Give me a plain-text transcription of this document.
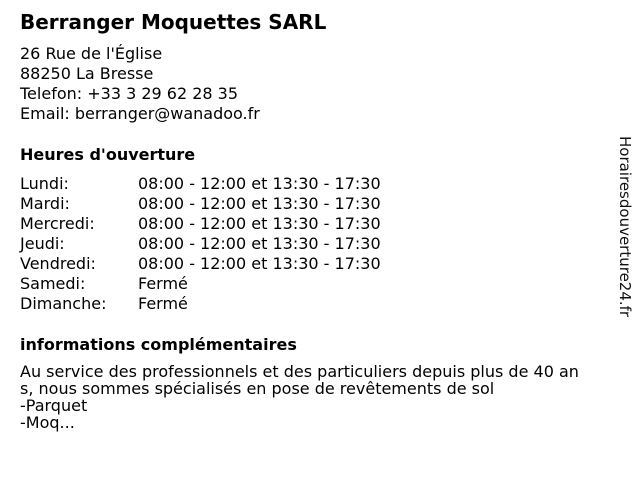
Berranger Moquettes SARL
26 Rue de l'Église
88250 La Bresse
Telefon: +33 3 29 62 28 35
Email: berranger@wanadoo.fr
Heures d'ouverture
Lundi:	08:00 - 12:00 et 13:30 - 17:30
Mardi:	08:00 - 12:00 et 13:30 - 17:30
Mercredi:	08:00 - 12:00 et 13:30 - 17:30
Jeudi:	08:00 - 12:00 et 13:30 - 17:30
Vendredi:	08:00 - 12:00 et 13:30 - 17:30
Samedi:	Fermé
Dimanche: Fermé
informations complémentaires
Au service des professionnels et des particuliers depuis plus de 40 an
s, nous sommes spécialisés en pose de revêtements de sol
-Parquet
-Moq...
Horairesdouverture24.fr
